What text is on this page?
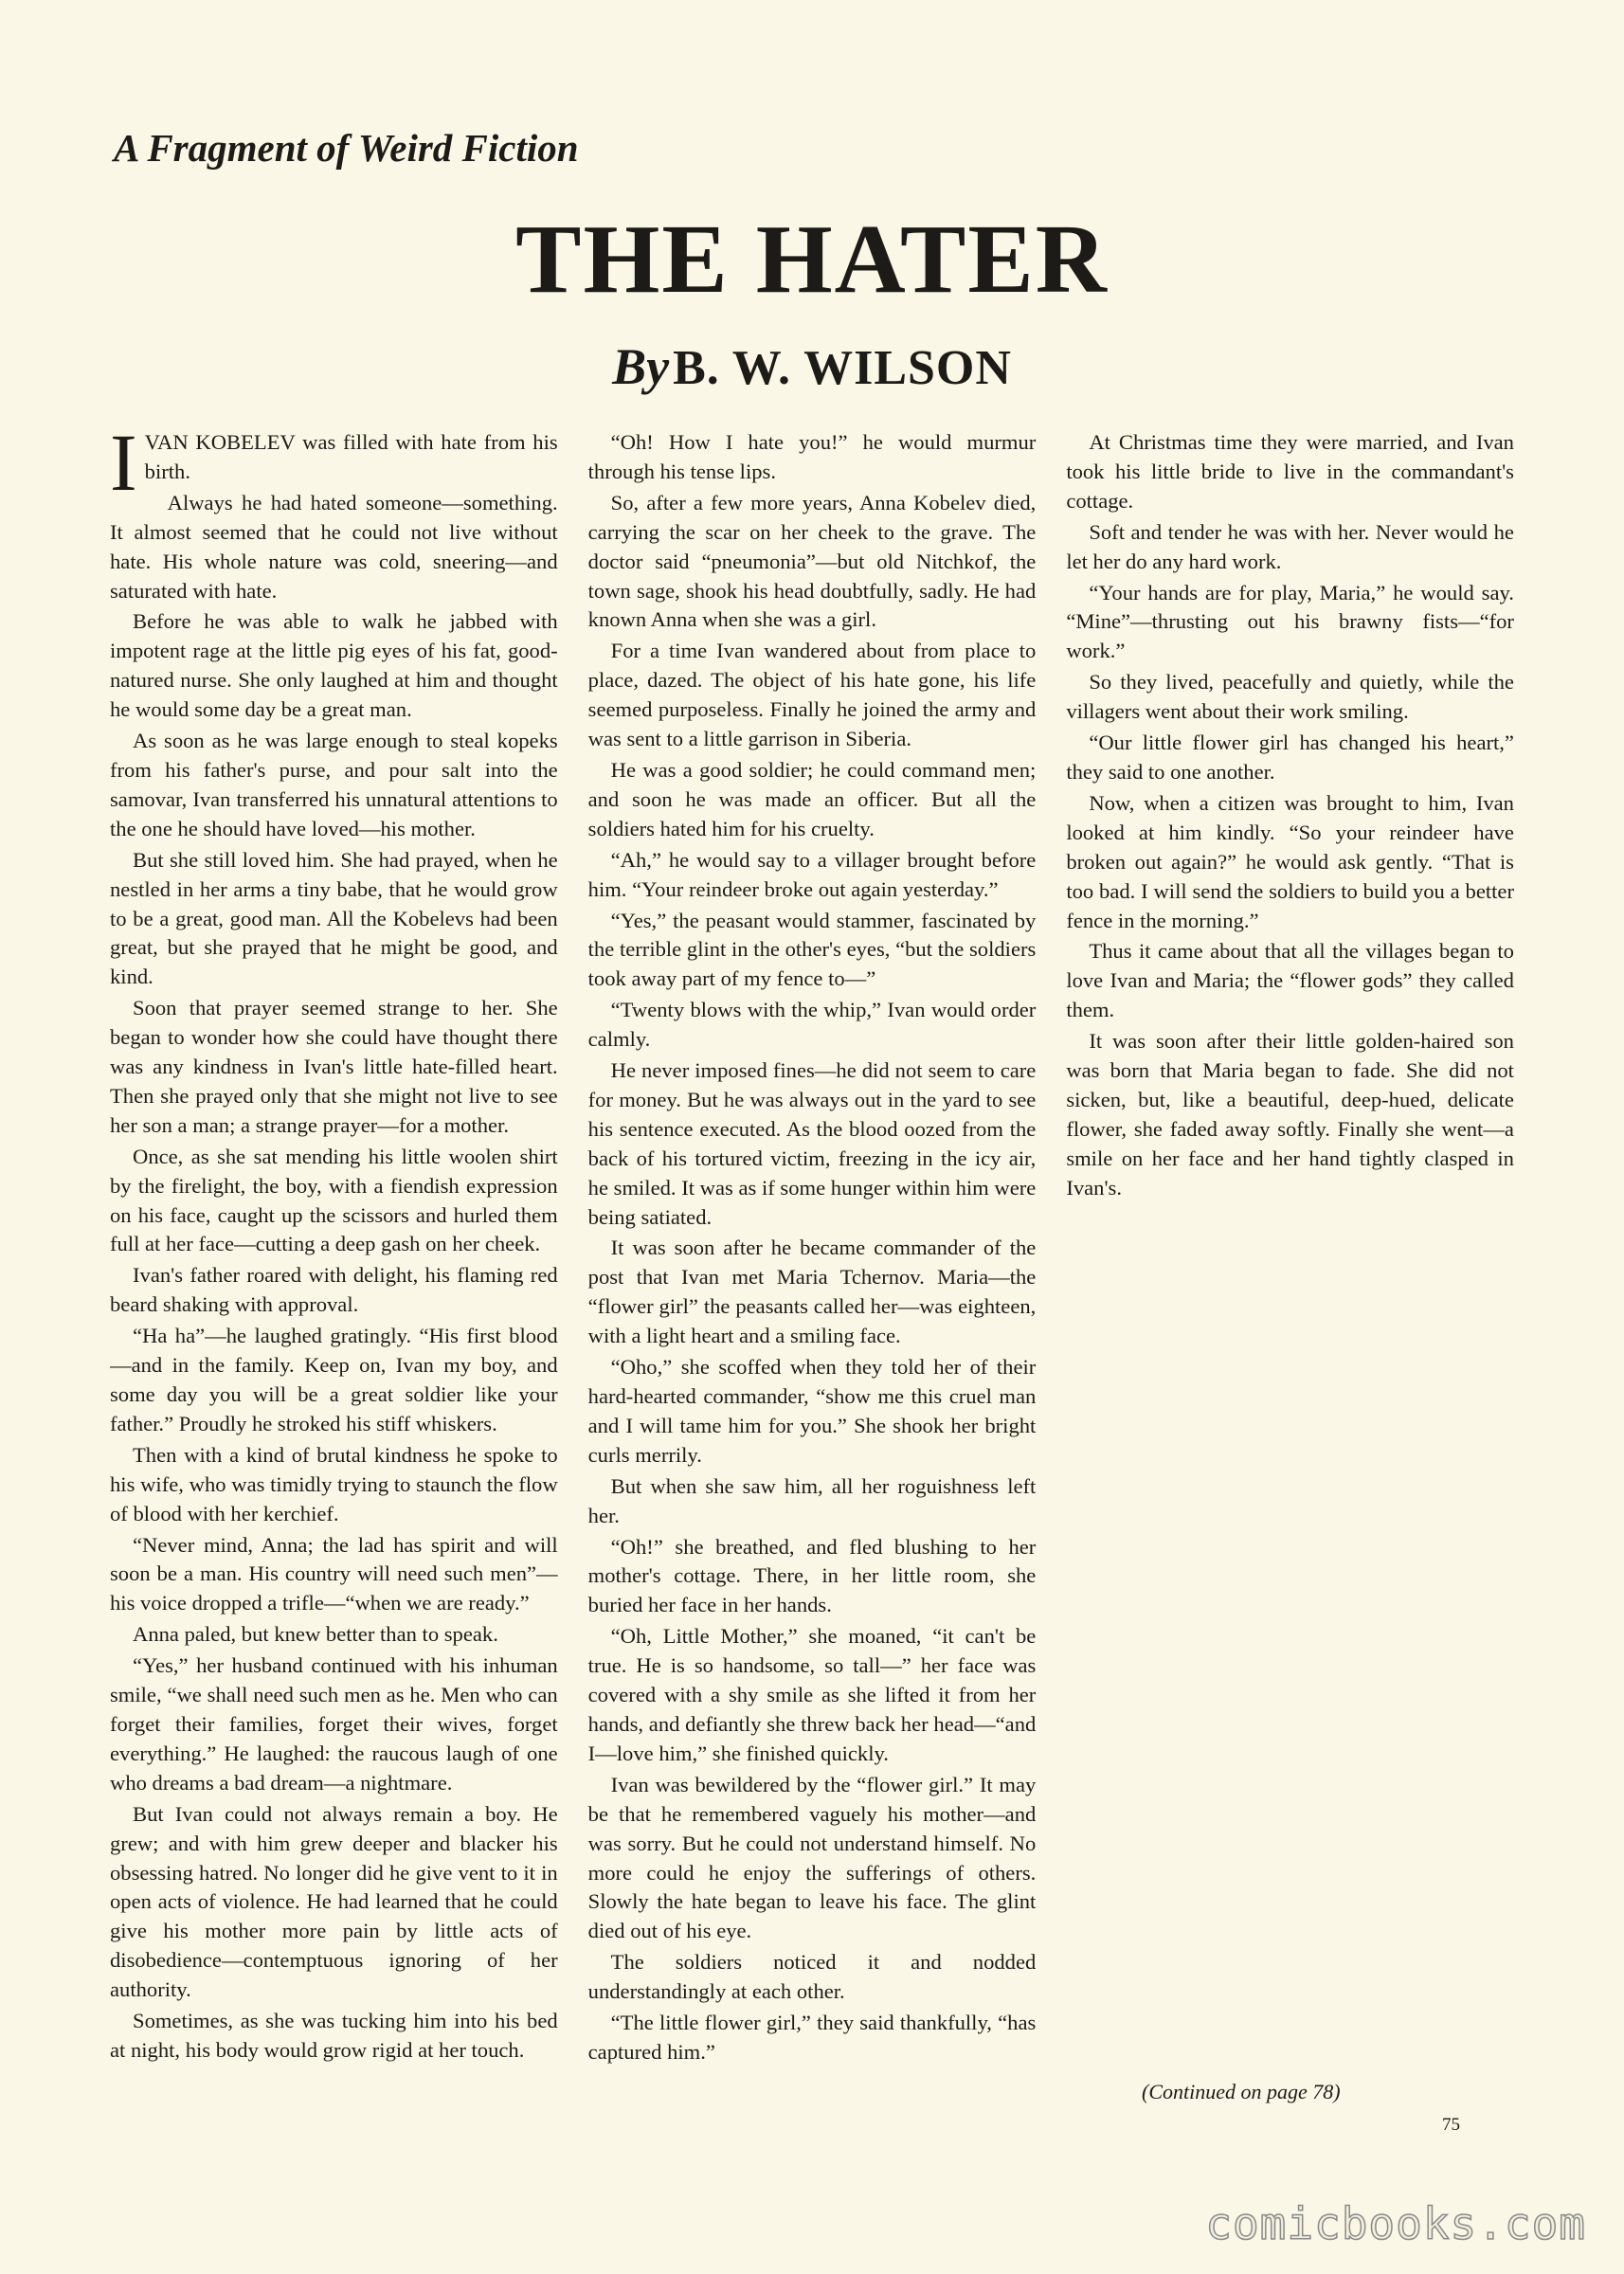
A Fragment of Weird Fiction
THE HATER

By B. W. WILSON

IVAN KOBELEV was filled with hate from his birth.

Always he had hated someone—something. It almost seemed that he could not live without hate. His whole nature was cold, sneering—and saturated with hate.

Before he was able to walk he jabbed with impotent rage at the little pig eyes of his fat, good-natured nurse. She only laughed at him and thought he would some day be a great man.

As soon as he was large enough to steal kopeks from his father's purse, and pour salt into the samovar, Ivan transferred his unnatural attentions to the one he should have loved—his mother.

But she still loved him. She had prayed, when he nestled in her arms a tiny babe, that he would grow to be a great, good man. All the Kobelevs had been great, but she prayed that he might be good, and kind.

Soon that prayer seemed strange to her. She began to wonder how she could have thought there was any kindness in Ivan's little hate-filled heart. Then she prayed only that she might not live to see her son a man; a strange prayer—for a mother.

Once, as she sat mending his little woolen shirt by the firelight, the boy, with a fiendish expression on his face, caught up the scissors and hurled them full at her face—cutting a deep gash on her cheek.

Ivan's father roared with delight, his flaming red beard shaking with approval.

“Ha ha”—he laughed gratingly. “His first blood—and in the family. Keep on, Ivan my boy, and some day you will be a great soldier like your father.” Proudly he stroked his stiff whiskers.

Then with a kind of brutal kindness he spoke to his wife, who was timidly trying to staunch the flow of blood with her kerchief.

“Never mind, Anna; the lad has spirit and will soon be a man. His country will need such men”—his voice dropped a trifle—“when we are ready.”

Anna paled, but knew better than to speak.

“Yes,” her husband continued with his inhuman smile, “we shall need such men as he. Men who can forget their families, forget their wives, forget everything.” He laughed: the raucous laugh of one who dreams a bad dream—a nightmare.

But Ivan could not always remain a boy. He grew; and with him grew deeper and blacker his obsessing hatred. No longer did he give vent to it in open acts of violence. He had learned that he could give his mother more pain by little acts of disobedience—contemptuous ignoring of her authority.

Sometimes, as she was tucking him into his bed at night, his body would grow rigid at her touch.

“Oh! How I hate you!” he would murmur through his tense lips.

So, after a few more years, Anna Kobelev died, carrying the scar on her cheek to the grave. The doctor said “pneumonia”—but old Nitchkof, the town sage, shook his head doubtfully, sadly. He had known Anna when she was a girl.

For a time Ivan wandered about from place to place, dazed. The object of his hate gone, his life seemed purposeless. Finally he joined the army and was sent to a little garrison in Siberia.

He was a good soldier; he could command men; and soon he was made an officer. But all the soldiers hated him for his cruelty.

“Ah,” he would say to a villager brought before him. “Your reindeer broke out again yesterday.”

“Yes,” the peasant would stammer, fascinated by the terrible glint in the other's eyes, “but the soldiers took away part of my fence to—”

“Twenty blows with the whip,” Ivan would order calmly.

He never imposed fines—he did not seem to care for money. But he was always out in the yard to see his sentence executed. As the blood oozed from the back of his tortured victim, freezing in the icy air, he smiled. It was as if some hunger within him were being satiated.

It was soon after he became commander of the post that Ivan met Maria Tchernov. Maria—the “flower girl” the peasants called her—was eighteen, with a light heart and a smiling face.

“Oho,” she scoffed when they told her of their hard-hearted commander, “show me this cruel man and I will tame him for you.” She shook her bright curls merrily.

But when she saw him, all her roguishness left her.

“Oh!” she breathed, and fled blushing to her mother's cottage. There, in her little room, she buried her face in her hands.

“Oh, Little Mother,” she moaned, “it can't be true. He is so handsome, so tall—” her face was covered with a shy smile as she lifted it from her hands, and defiantly she threw back her head—“and I—love him,” she finished quickly.

Ivan was bewildered by the “flower girl.” It may be that he remembered vaguely his mother—and was sorry. But he could not understand himself. No more could he enjoy the sufferings of others. Slowly the hate began to leave his face. The glint died out of his eye.

The soldiers noticed it and nodded understandingly at each other.

“The little flower girl,” they said thankfully, “has captured him.”

At Christmas time they were married, and Ivan took his little bride to live in the commandant's cottage.

Soft and tender he was with her. Never would he let her do any hard work.

“Your hands are for play, Maria,” he would say. “Mine”—thrusting out his brawny fists—“for work.”

So they lived, peacefully and quietly, while the villagers went about their work smiling.

“Our little flower girl has changed his heart,” they said to one another.

Now, when a citizen was brought to him, Ivan looked at him kindly. “So your reindeer have broken out again?” he would ask gently. “That is too bad. I will send the soldiers to build you a better fence in the morning.”

Thus it came about that all the villages began to love Ivan and Maria; the “flower gods” they called them.

It was soon after their little golden-haired son was born that Maria began to fade. She did not sicken, but, like a beautiful, deep-hued, delicate flower, she faded away softly. Finally she went—a smile on her face and her hand tightly clasped in Ivan's.

(Continued on page 78)

75

comicbooks.com
